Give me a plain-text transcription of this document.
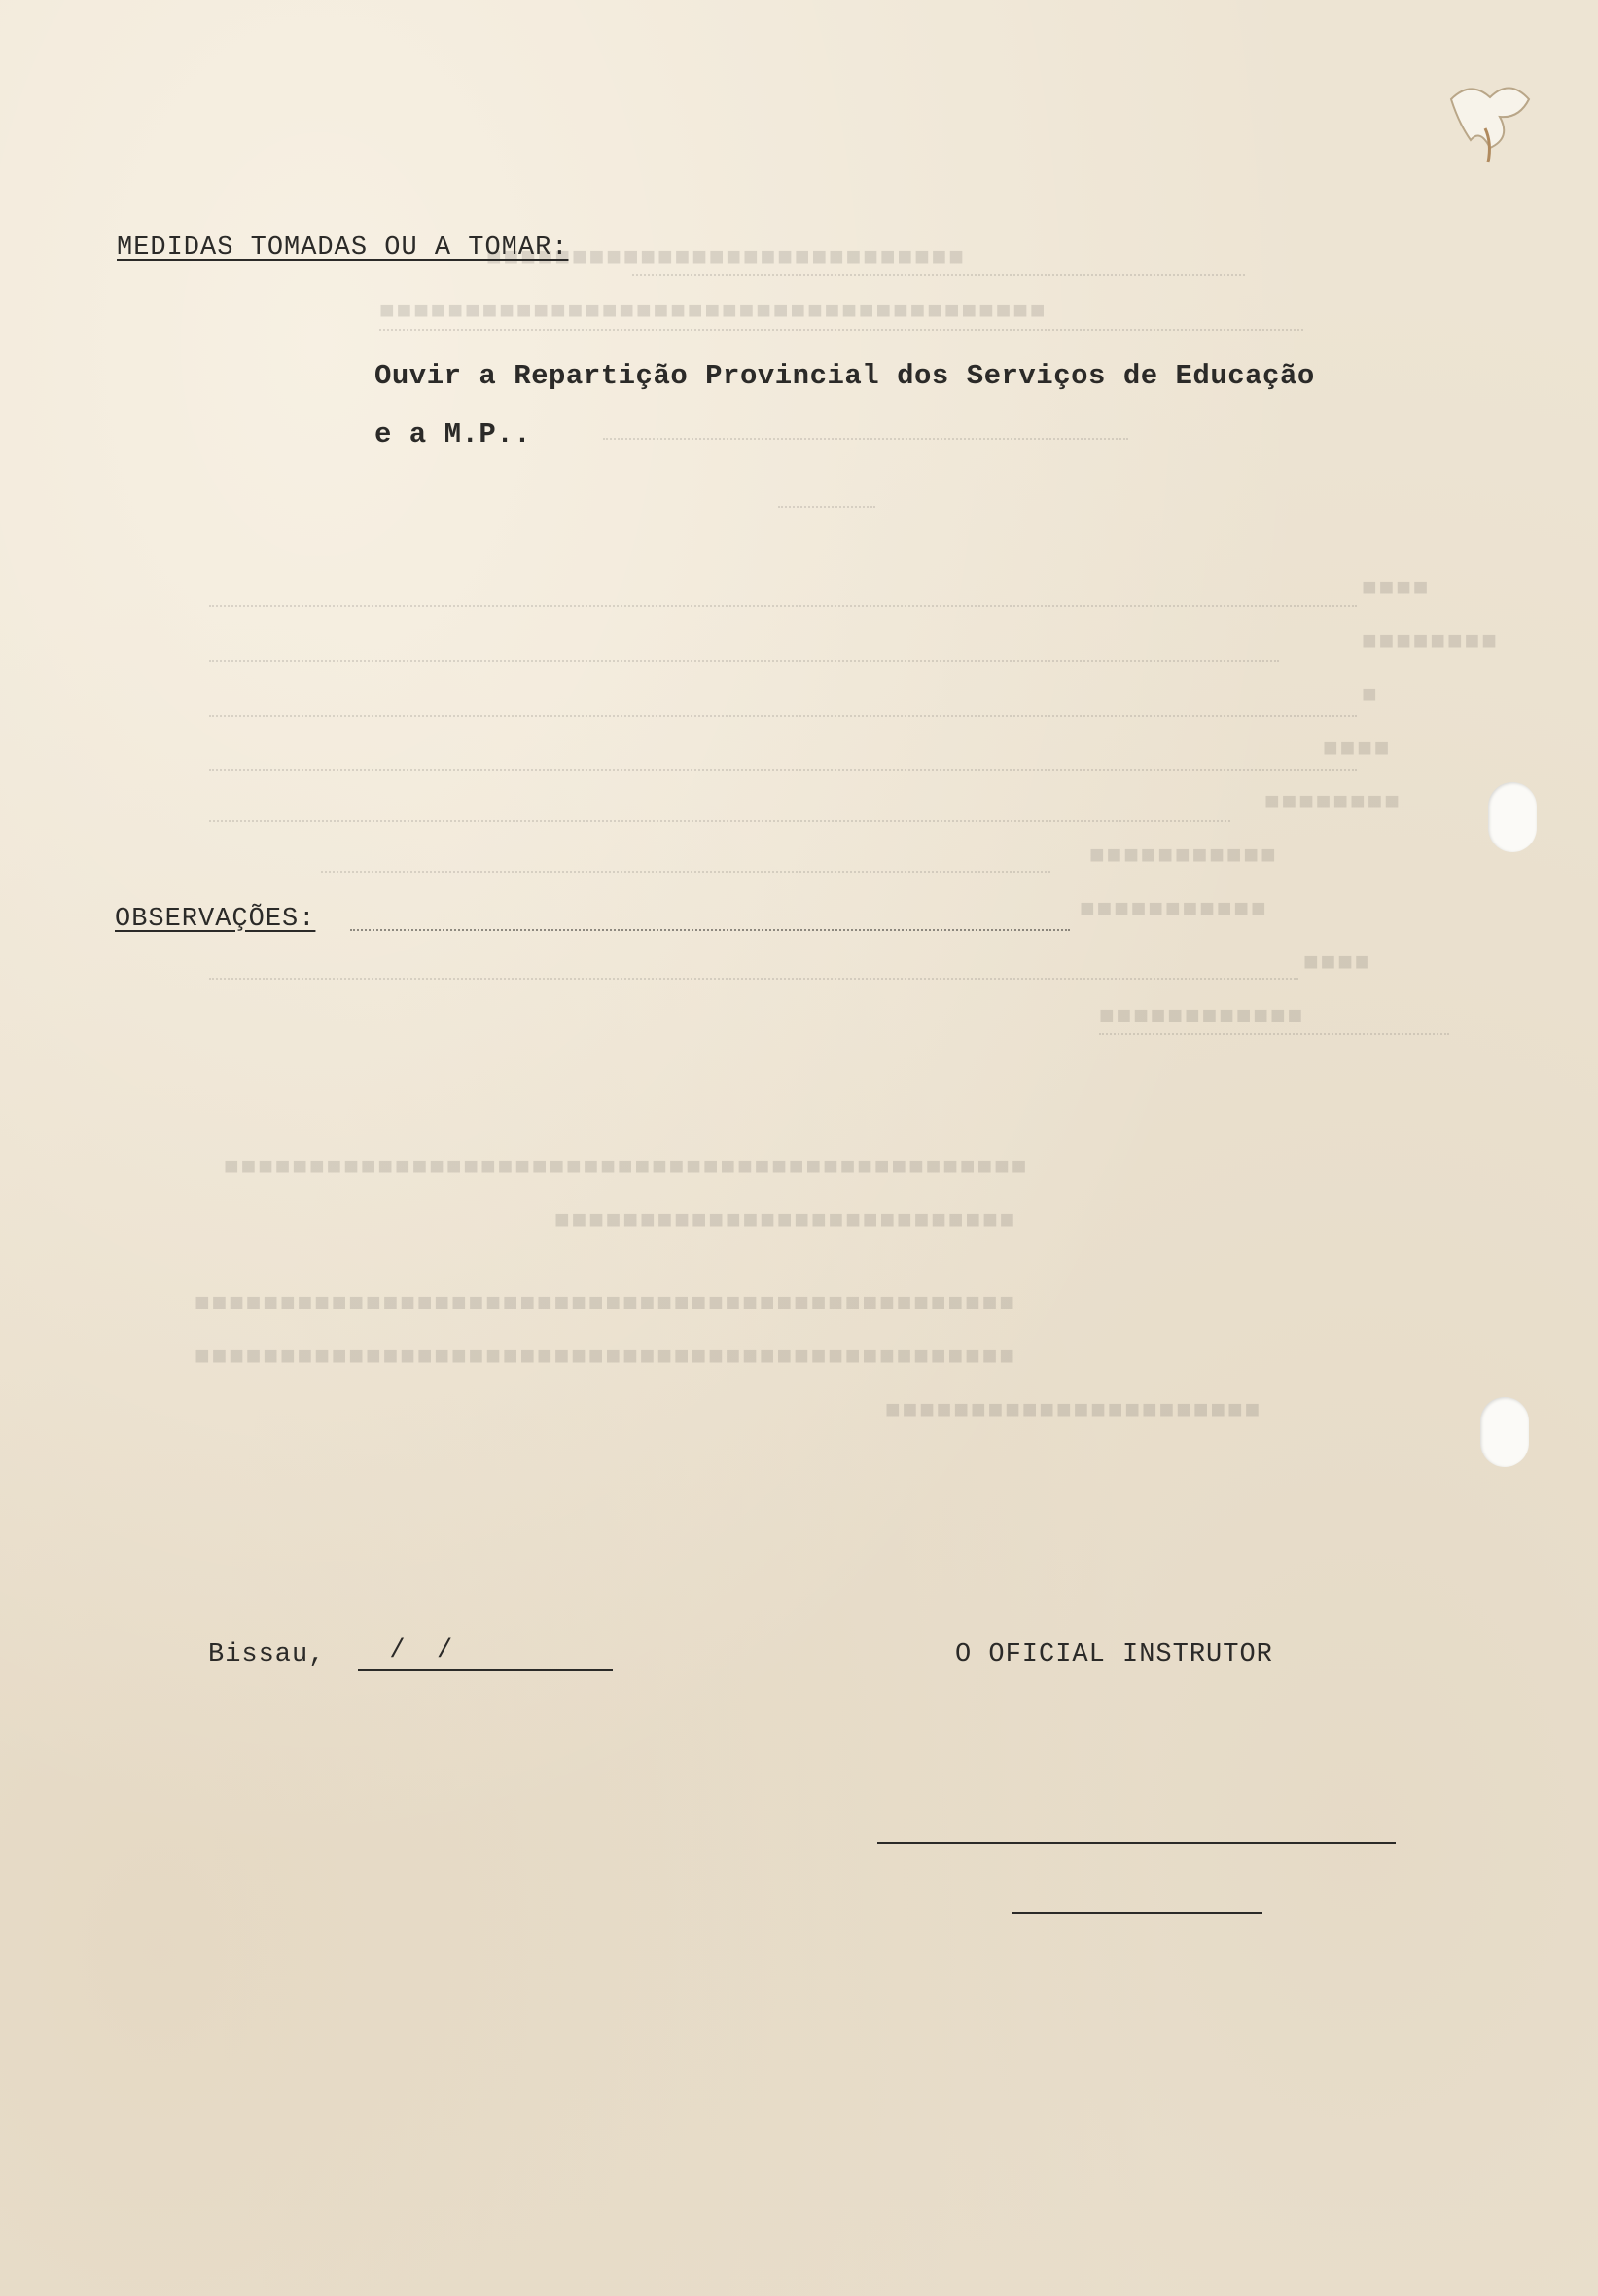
■■■■■■■■■■■■■■■■■■■■■■■■■■■■
■■■■■■■■■■■■■■■■■■■■■■■■■■■■■■■■■■■■■■■
■■■■
■■■■■■■■
■
■■■■
■■■■■■■■
■■■■■■■■■■■
■■■■■■■■■■■
■■■■
■■■■■■■■■■■■
■■■■■■■■■■■■■■■■■■■■■■■■■■■■■■■■■■■■■■■■■■■■■■■
■■■■■■■■■■■■■■■■■■■■■■■■■■■
■■■■■■■■■■■■■■■■■■■■■■■■■■■■■■■■■■■■■■■■■■■■■■■■
■■■■■■■■■■■■■■■■■■■■■■■■■■■■■■■■■■■■■■■■■■■■■■■■
■■■■■■■■■■■■■■■■■■■■■■
MEDIDAS TOMADAS OU A TOMAR:
Ouvir a Repartição Provincial dos Serviços de Educação
e a M.P..
OBSERVAÇÕES:
Bissau, /  /	O OFICIAL INSTRUTOR
